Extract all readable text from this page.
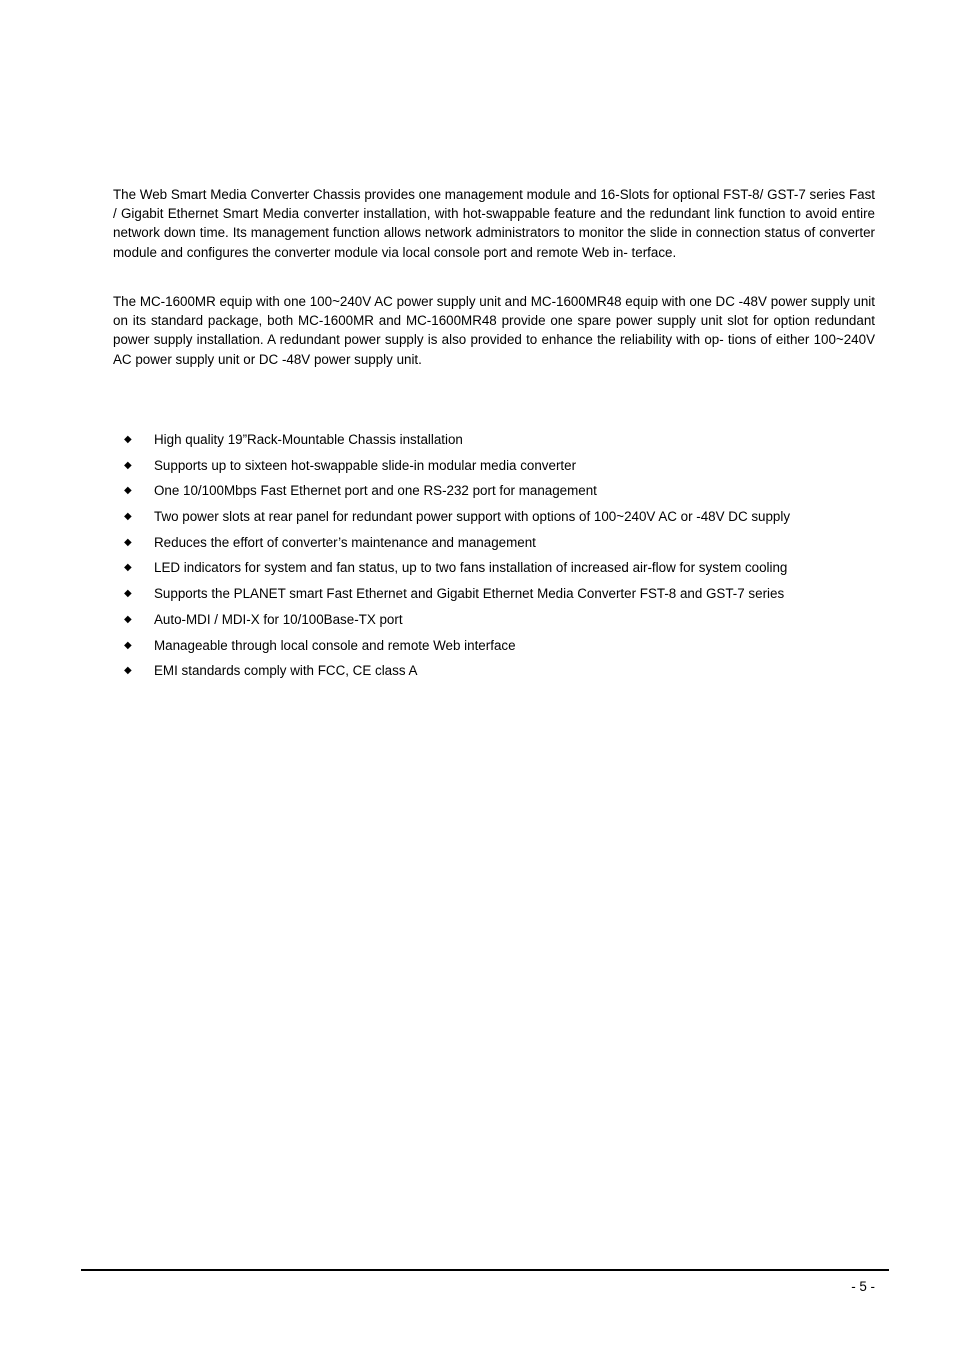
The Web Smart Media Converter Chassis provides one management module and 16-Slots for optional FST-8/ GST-7 series Fast / Gigabit Ethernet Smart Media converter installation, with hot-swappable feature and the redundant link function to avoid entire network down time. Its management function allows network administrators to monitor the slide in connection status of converter module and configures the converter module via local console port and remote Web in- terface.

The MC-1600MR equip with one 100~240V AC power supply unit and MC-1600MR48 equip with one DC -48V power supply unit on its standard package, both MC-1600MR and MC-1600MR48 provide one spare power supply unit slot for option redundant power supply installation. A redundant power supply is also provided to enhance the reliability with op- tions of either 100~240V AC power supply unit or DC -48V power supply unit.

◆ High quality 19”Rack-Mountable Chassis installation
◆ Supports up to sixteen hot-swappable slide-in modular media converter
◆ One 10/100Mbps Fast Ethernet port and one RS-232 port for management
◆ Two power slots at rear panel for redundant power support with options of 100~240V AC or -48V DC supply
◆ Reduces the effort of converter’s maintenance and management
◆ LED indicators for system and fan status, up to two fans installation of increased air-flow for system cooling
◆ Supports the PLANET smart Fast Ethernet and Gigabit Ethernet Media Converter FST-8 and GST-7 series
◆ Auto-MDI / MDI-X for 10/100Base-TX port
◆ Manageable through local console and remote Web interface
◆ EMI standards comply with FCC, CE class A
- 5 -
